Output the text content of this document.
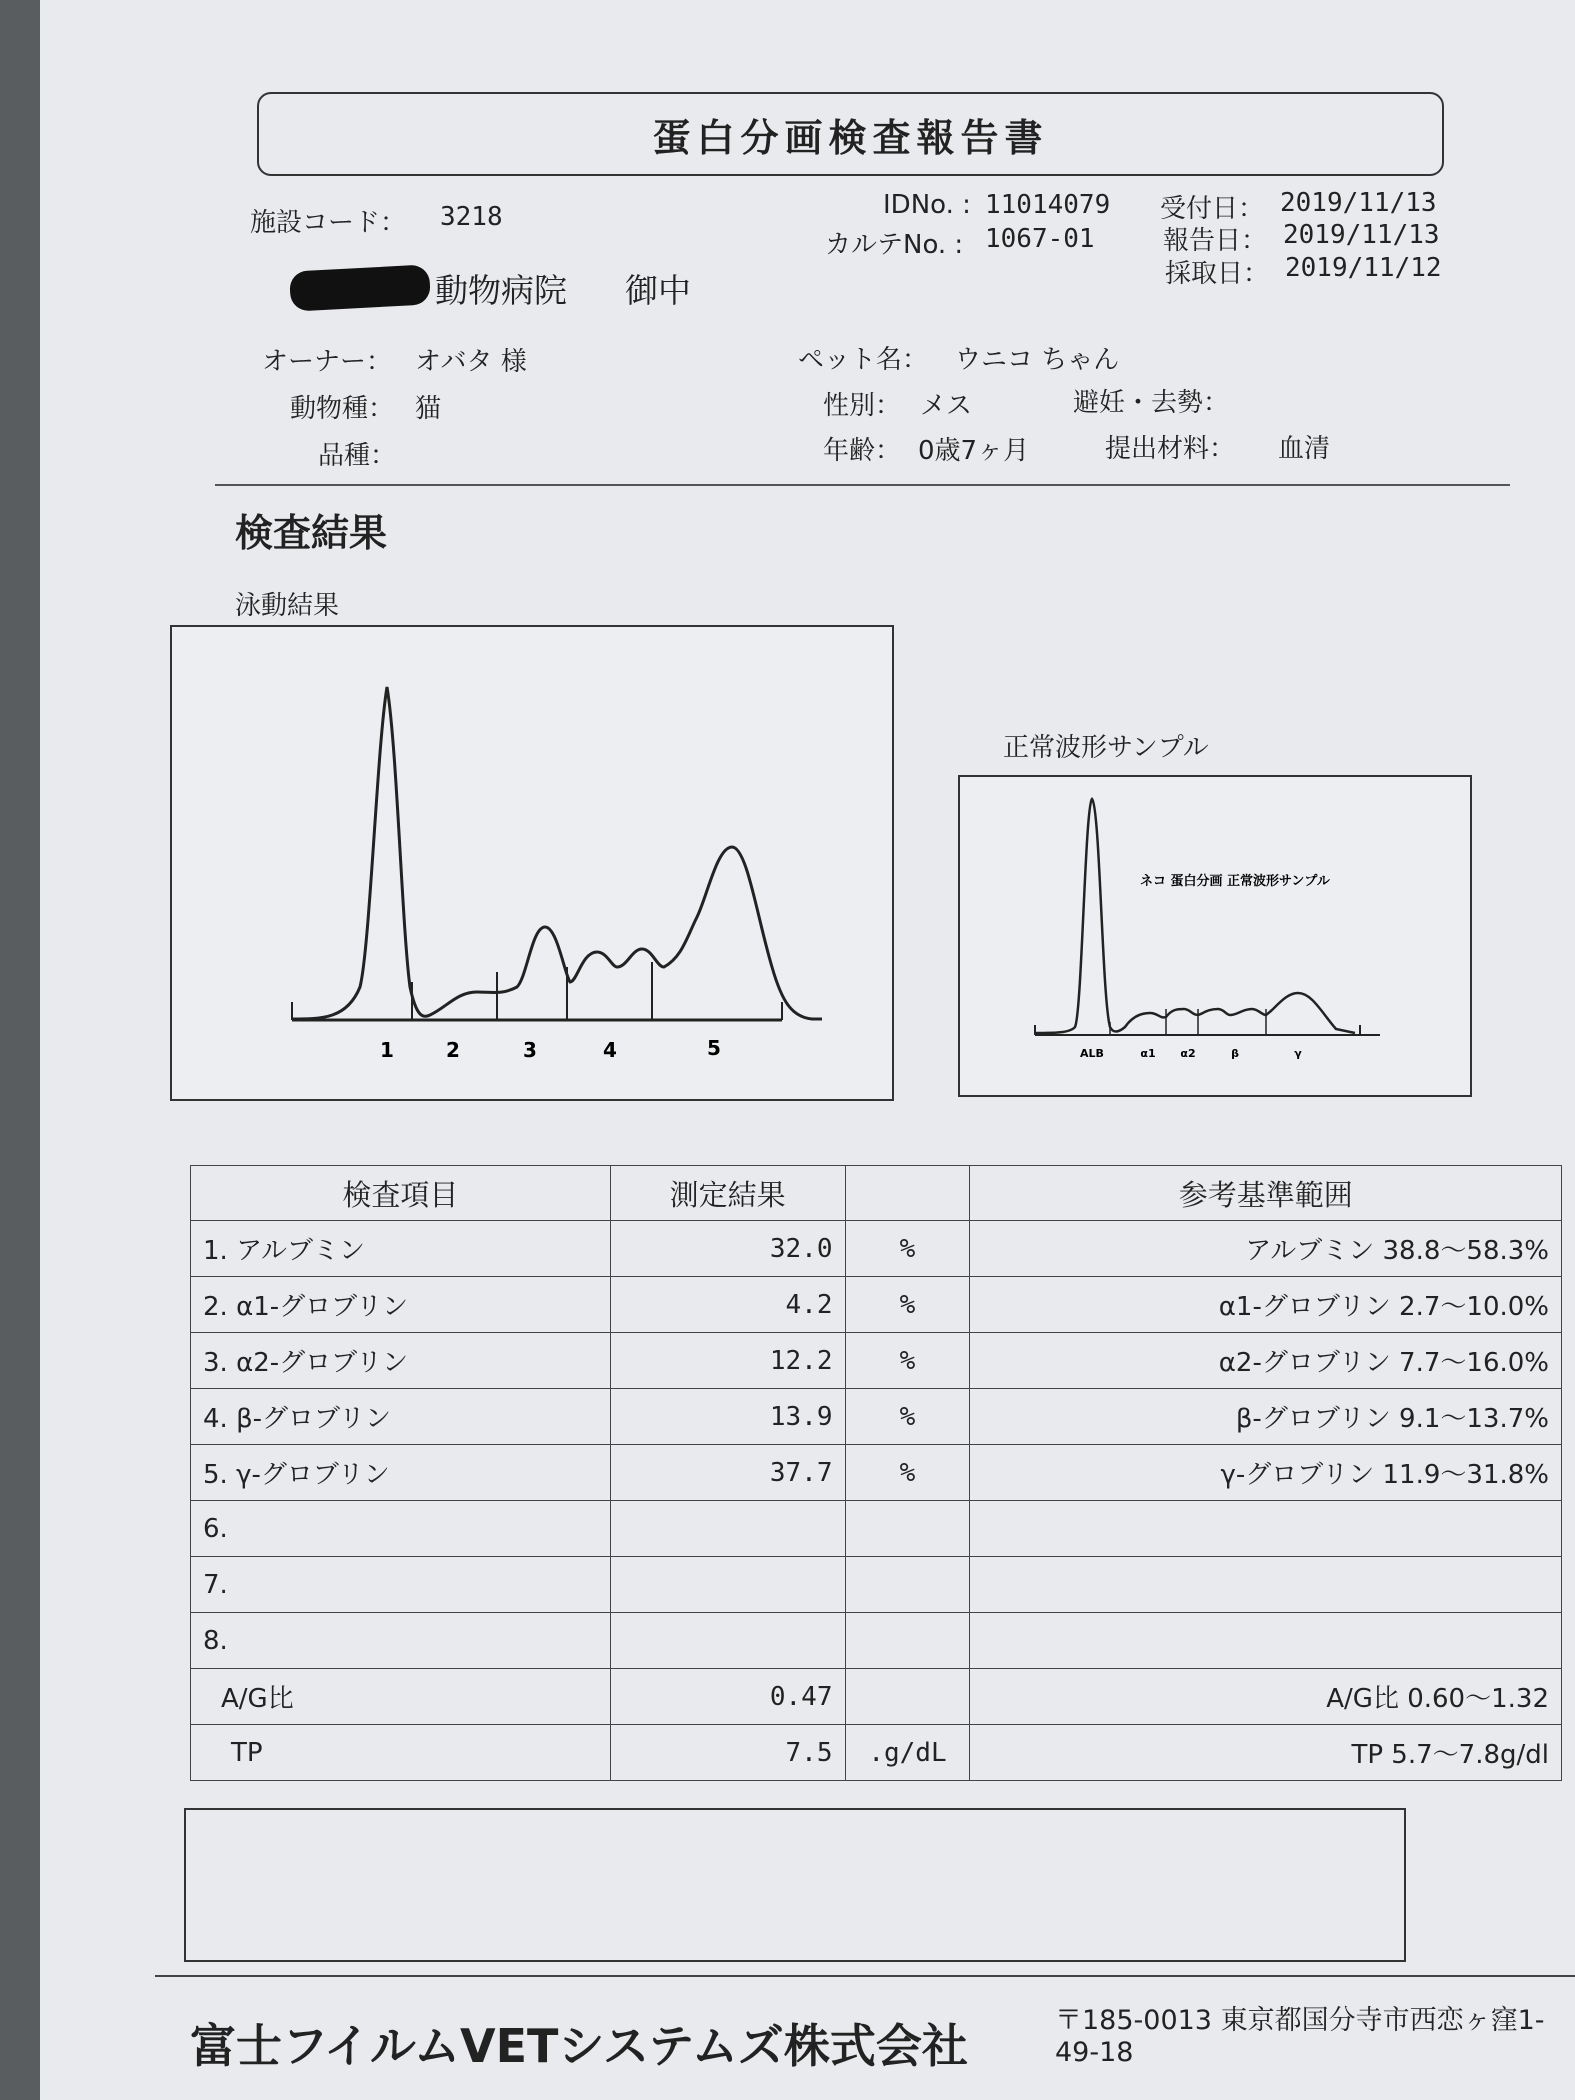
蛋白分画検査報告書
施設コード： 3218
動物病院 御中
IDNo. : 11014079
カルテNo. : 1067-01
受付日： 2019/11/13
報告日： 2019/11/13
採取日： 2019/11/12
オーナー： オバタ 様
動物種： 猫
品種：
ペット名： ウニコ ちゃん
性別： メス	避妊・去勢：
年齢： 0歳7ヶ月	提出材料： 血清
検査結果
泳動結果
正常波形サンプル
1	2	3	4	5
ネコ 蛋白分画 正常波形サンプル
ALB	α1 α2	β	γ
検査項目	測定結果		参考基準範囲
1. アルブミン	32.0	%	アルブミン 38.8～58.3%
2. α1-グロブリン	4.2	%	α1-グロブリン 2.7～10.0%
3. α2-グロブリン	12.2	%	α2-グロブリン 7.7～16.0%
4. β-グロブリン	13.9	%	β-グロブリン 9.1～13.7%
5. γ-グロブリン	37.7	%	γ-グロブリン 11.9～31.8%
6.			
7.			
8.			
A/G比	0.47		A/G比 0.60～1.32
TP	7.5	.g/dL	TP 5.7～7.8g/dl
富士フイルムVETシステムズ株式会社	〒185-0013 東京都国分寺市西恋ヶ窪1-49-18
